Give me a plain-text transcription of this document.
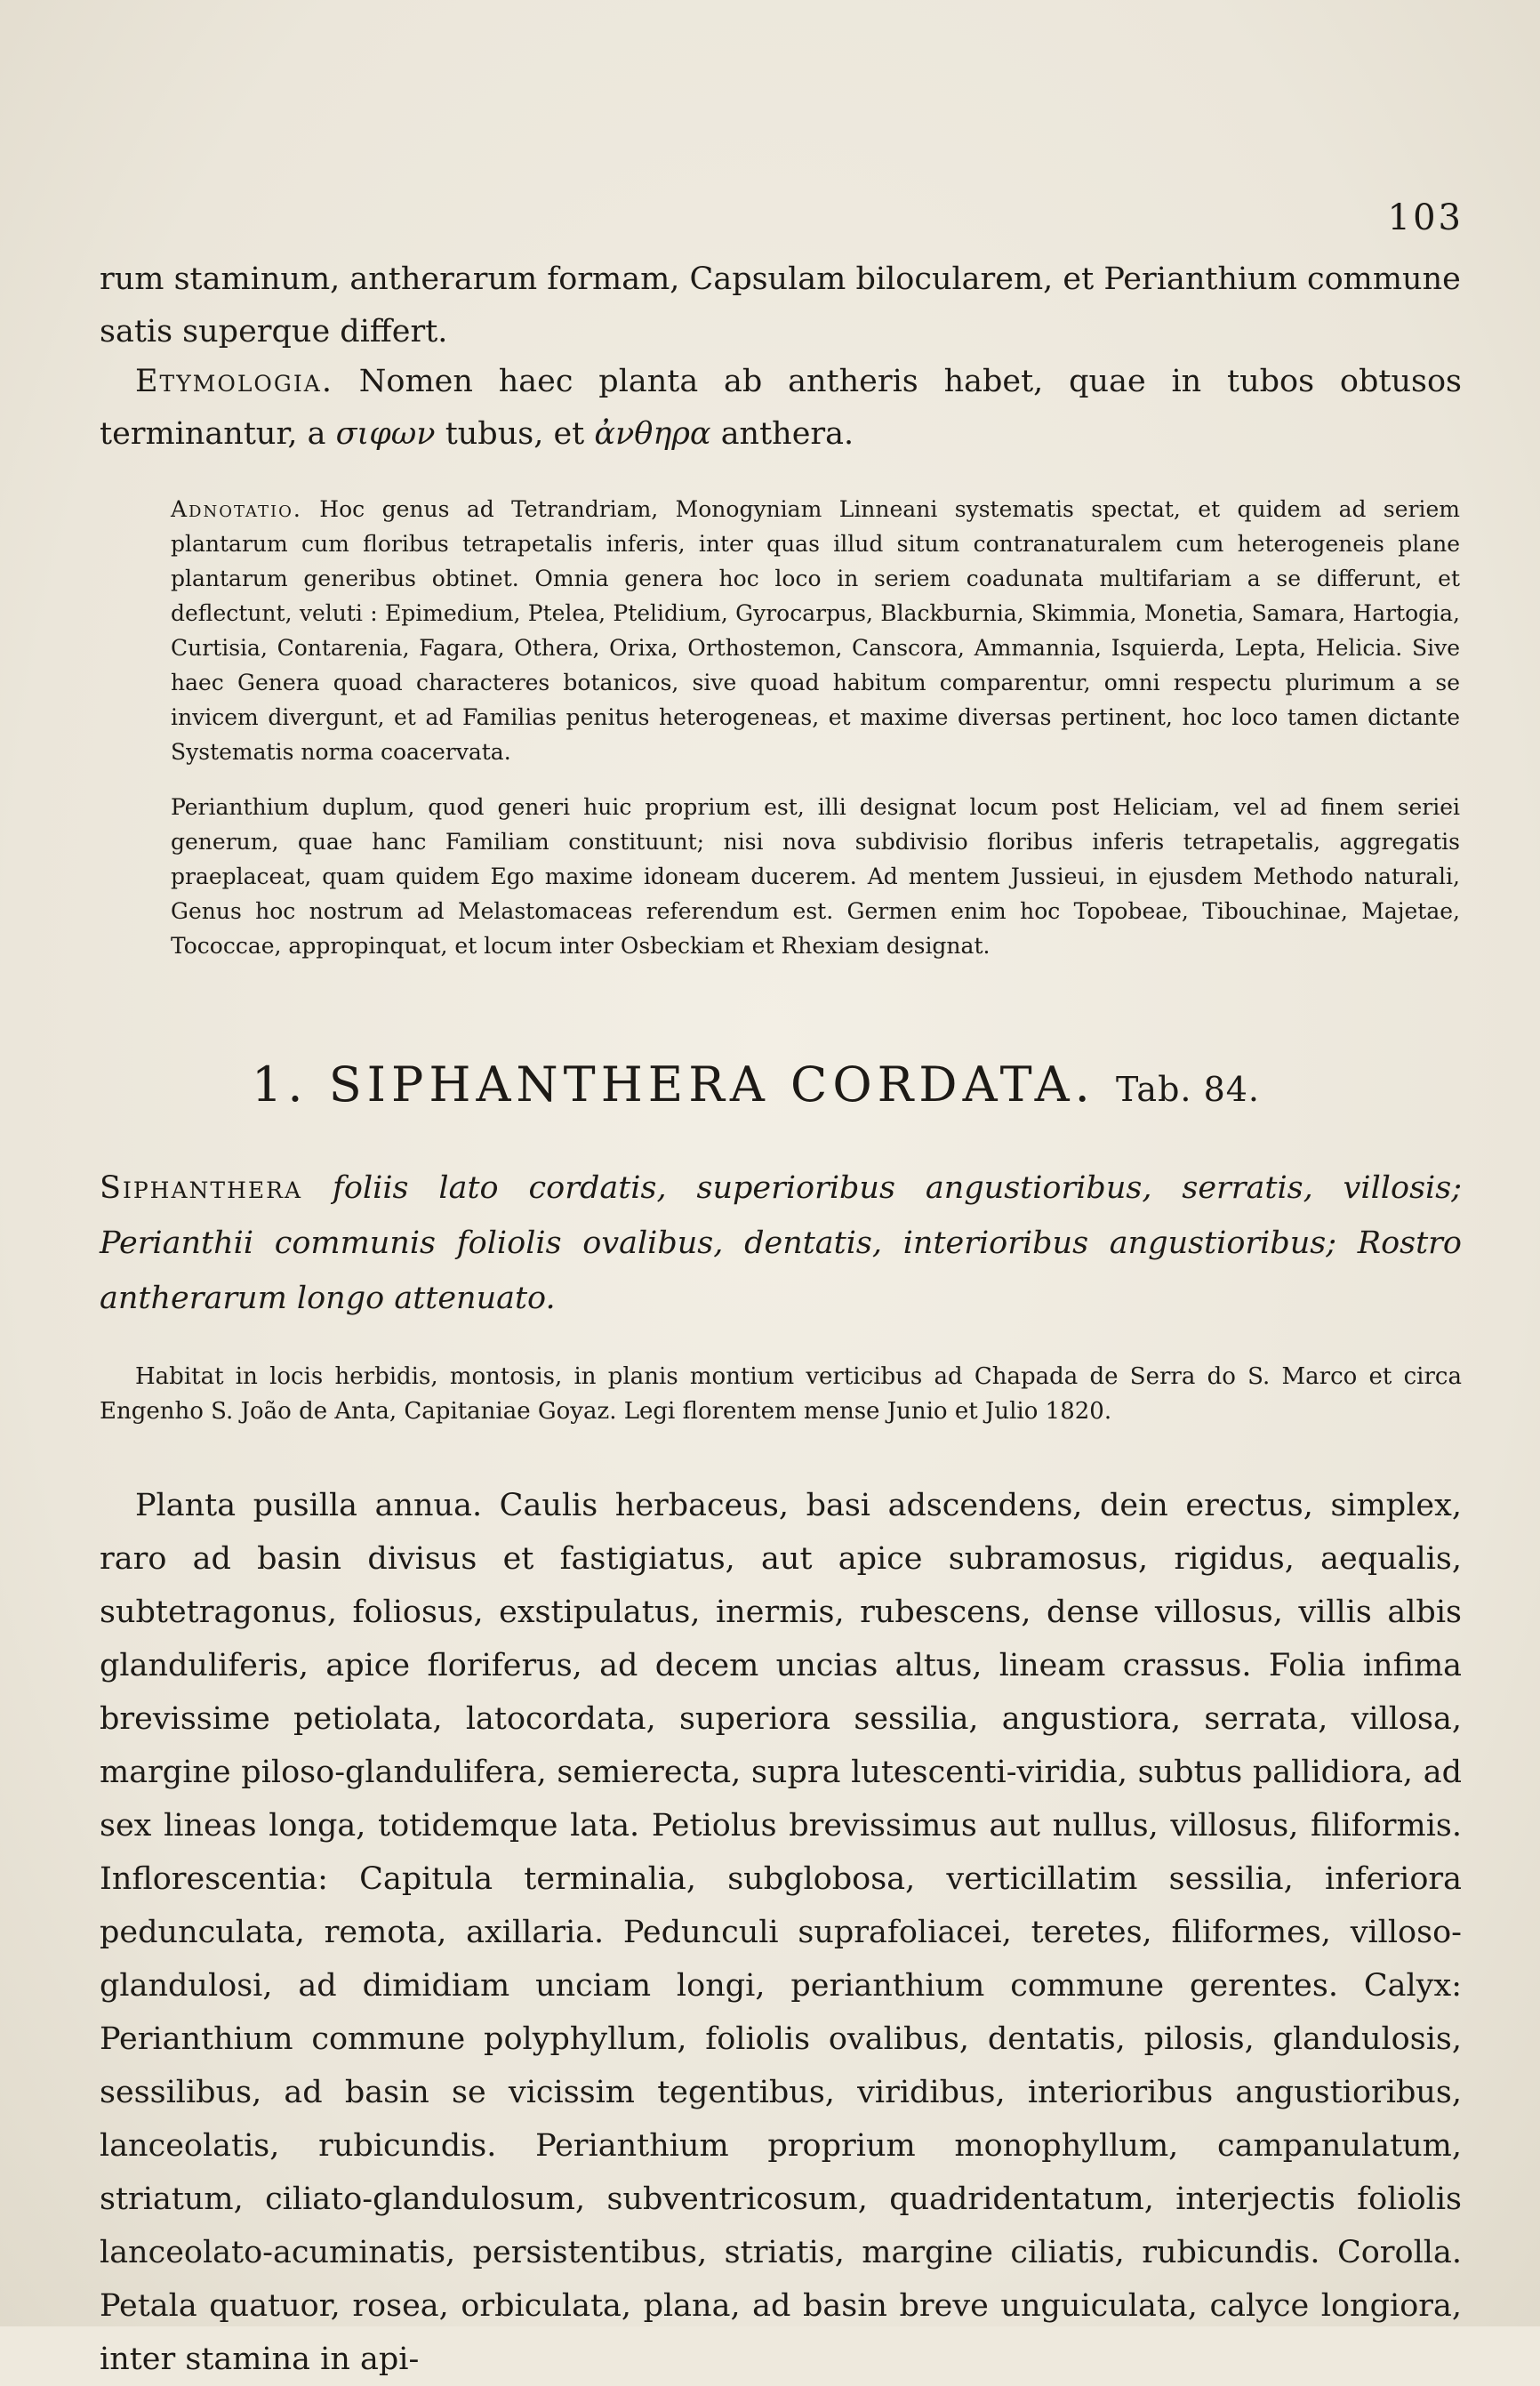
103

rum staminum, antherarum formam, Capsulam bilocularem, et Perianthium commune
satis superque differt.

Etymologia. Nomen haec planta ab antheris habet, quae in tubos obtusos terminantur, a σιφων tubus, et ἀνθηρα anthera.

Adnotatio. Hoc genus ad Tetrandriam, Monogyniam Linneani systematis spectat, et quidem ad seriem plantarum cum floribus tetrapetalis inferis, inter quas illud situm contranaturalem cum heterogeneis plane plantarum generibus obtinet. Omnia genera hoc loco in seriem coadunata multifariam a se differunt, et deflectunt, veluti : Epimedium, Ptelea, Ptelidium, Gyrocarpus, Blackburnia, Skimmia, Monetia, Samara, Hartogia, Curtisia, Contarenia, Fagara, Othera, Orixa, Orthostemon, Canscora, Ammannia, Isquierda, Lepta, Helicia. Sive haec Genera quoad characteres botanicos, sive quoad habitum comparentur, omni respectu plurimum a se invicem divergunt, et ad Familias penitus heterogeneas, et maxime diversas pertinent, hoc loco tamen dictante Systematis norma coacervata.

Perianthium duplum, quod generi huic proprium est, illi designat locum post Heliciam, vel ad finem seriei generum, quae hanc Familiam constituunt; nisi nova subdivisio floribus inferis tetrapetalis, aggregatis praeplaceat, quam quidem Ego maxime idoneam ducerem. Ad mentem Jussieui, in ejusdem Methodo naturali, Genus hoc nostrum ad Melastomaceas referendum est. Germen enim hoc Topobeae, Tibouchinae, Majetae, Tococcae, appropinquat, et locum inter Osbeckiam et Rhexiam designat.

1. SIPHANTHERA CORDATA. Tab. 84.

Siphanthera foliis lato cordatis, superioribus angustioribus, serratis, villosis; Perianthii communis foliolis ovalibus, dentatis, interioribus angustioribus; Rostro antherarum longo attenuato.

Habitat in locis herbidis, montosis, in planis montium verticibus ad Chapada de Serra do S. Marco et circa Engenho S. João de Anta, Capitaniae Goyaz. Legi florentem mense Junio et Julio 1820.

Planta pusilla annua. Caulis herbaceus, basi adscendens, dein erectus, simplex, raro ad basin divisus et fastigiatus, aut apice subramosus, rigidus, aequalis, subtetragonus, foliosus, exstipulatus, inermis, rubescens, dense villosus, villis albis glanduliferis, apice floriferus, ad decem uncias altus, lineam crassus. Folia infima brevissime petiolata, latocordata, superiora sessilia, angustiora, serrata, villosa, margine piloso-glandulifera, semierecta, supra lutescenti-viridia, subtus pallidiora, ad sex lineas longa, totidemque lata. Petiolus brevissimus aut nullus, villosus, filiformis. Inflorescentia: Capitula terminalia, subglobosa, verticillatim sessilia, inferiora pedunculata, remota, axillaria. Pedunculi suprafoliacei, teretes, filiformes, villoso-glandulosi, ad dimidiam unciam longi, perianthium commune gerentes. Calyx: Perianthium commune polyphyllum, foliolis ovalibus, dentatis, pilosis, glandulosis, sessilibus, ad basin se vicissim tegentibus, viridibus, interioribus angustioribus, lanceolatis, rubicundis. Perianthium proprium monophyllum, campanulatum, striatum, ciliato-glandulosum, subventricosum, quadridentatum, interjectis foliolis lanceolato-acuminatis, persistentibus, striatis, margine ciliatis, rubicundis. Corolla. Petala quatuor, rosea, orbiculata, plana, ad basin breve unguiculata, calyce longiora, inter stamina in api-
